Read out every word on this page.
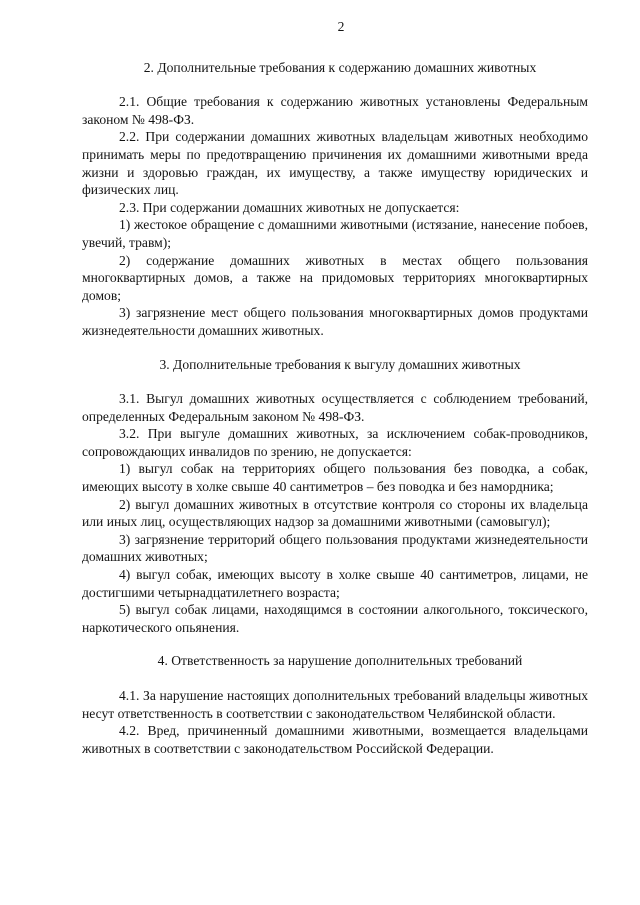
2
2. Дополнительные требования к содержанию домашних животных

2.1. Общие требования к содержанию животных установлены Федеральным законом № 498-ФЗ.

2.2. При содержании домашних животных владельцам животных необходимо принимать меры по предотвращению причинения их домашними животными вреда жизни и здоровью граждан, их имуществу, а также имуществу юридических и физических лиц.

2.3. При содержании домашних животных не допускается:

1) жестокое обращение с домашними животными (истязание, нанесение побоев, увечий, травм);

2) содержание домашних животных в местах общего пользования многоквартирных домов, а также на придомовых территориях многоквартирных домов;

3) загрязнение мест общего пользования многоквартирных домов продуктами жизнедеятельности домашних животных.

3. Дополнительные требования к выгулу домашних животных

3.1. Выгул домашних животных осуществляется с соблюдением требований, определенных Федеральным законом № 498-ФЗ.

3.2. При выгуле домашних животных, за исключением собак-проводников, сопровождающих инвалидов по зрению, не допускается:

1) выгул собак на территориях общего пользования без поводка, а собак, имеющих высоту в холке свыше 40 сантиметров – без поводка и без намордника;

2) выгул домашних животных в отсутствие контроля со стороны их владельца или иных лиц, осуществляющих надзор за домашними животными (самовыгул);

3) загрязнение территорий общего пользования продуктами жизнедеятельности домашних животных;

4) выгул собак, имеющих высоту в холке свыше 40 сантиметров, лицами, не достигшими четырнадцатилетнего возраста;

5) выгул собак лицами, находящимся в состоянии алкогольного, токсического, наркотического опьянения.

4. Ответственность за нарушение дополнительных требований

4.1. За нарушение настоящих дополнительных требований владельцы животных несут ответственность в соответствии с законодательством Челябинской области.

4.2. Вред, причиненный домашними животными, возмещается владельцами животных в соответствии с законодательством Российской Федерации.
